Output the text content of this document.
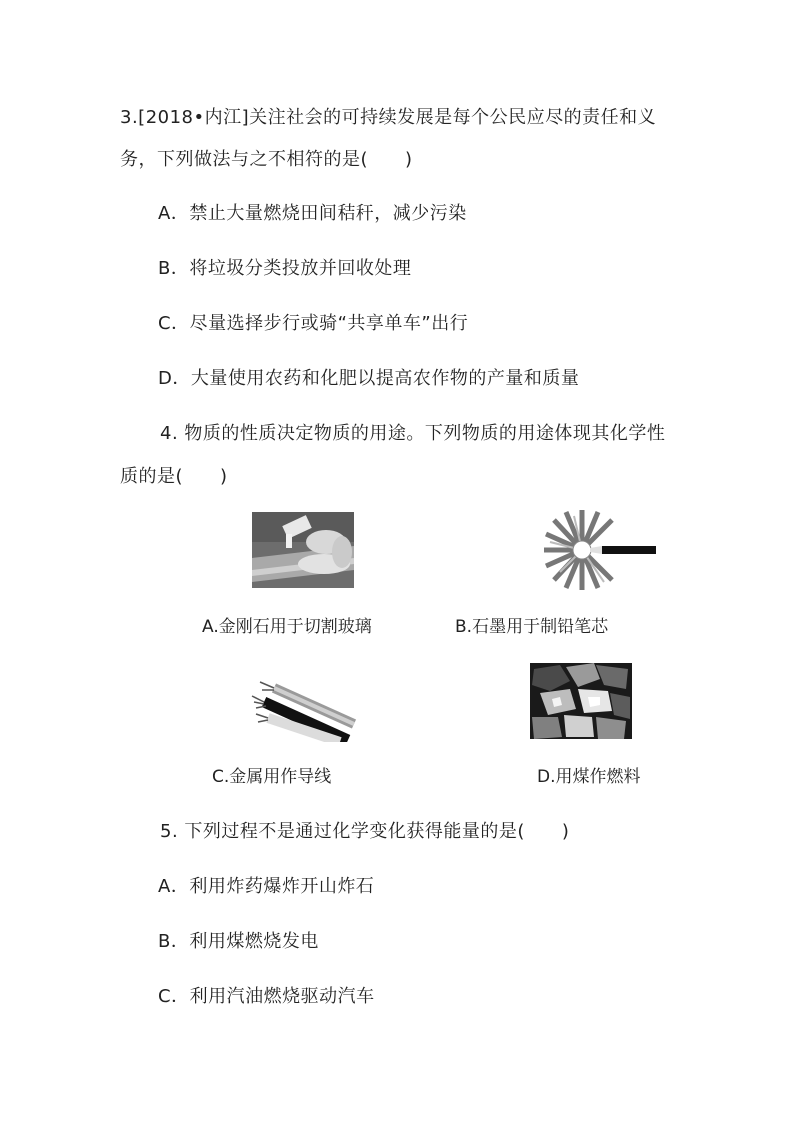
3.[2018•内江]关注社会的可持续发展是每个公民应尽的责任和义
务，下列做法与之不相符的是(　　)
A．禁止大量燃烧田间秸秆，减少污染
B．将垃圾分类投放并回收处理
C．尽量选择步行或骑“共享单车”出行
D．大量使用农药和化肥以提高农作物的产量和质量
4. 物质的性质决定物质的用途。下列物质的用途体现其化学性
质的是(　　)
A.金刚石用于切割玻璃	B.石墨用于制铅笔芯
C.金属用作导线	D.用煤作燃料
5. 下列过程不是通过化学变化获得能量的是(　　)
A．利用炸药爆炸开山炸石
B．利用煤燃烧发电
C．利用汽油燃烧驱动汽车
